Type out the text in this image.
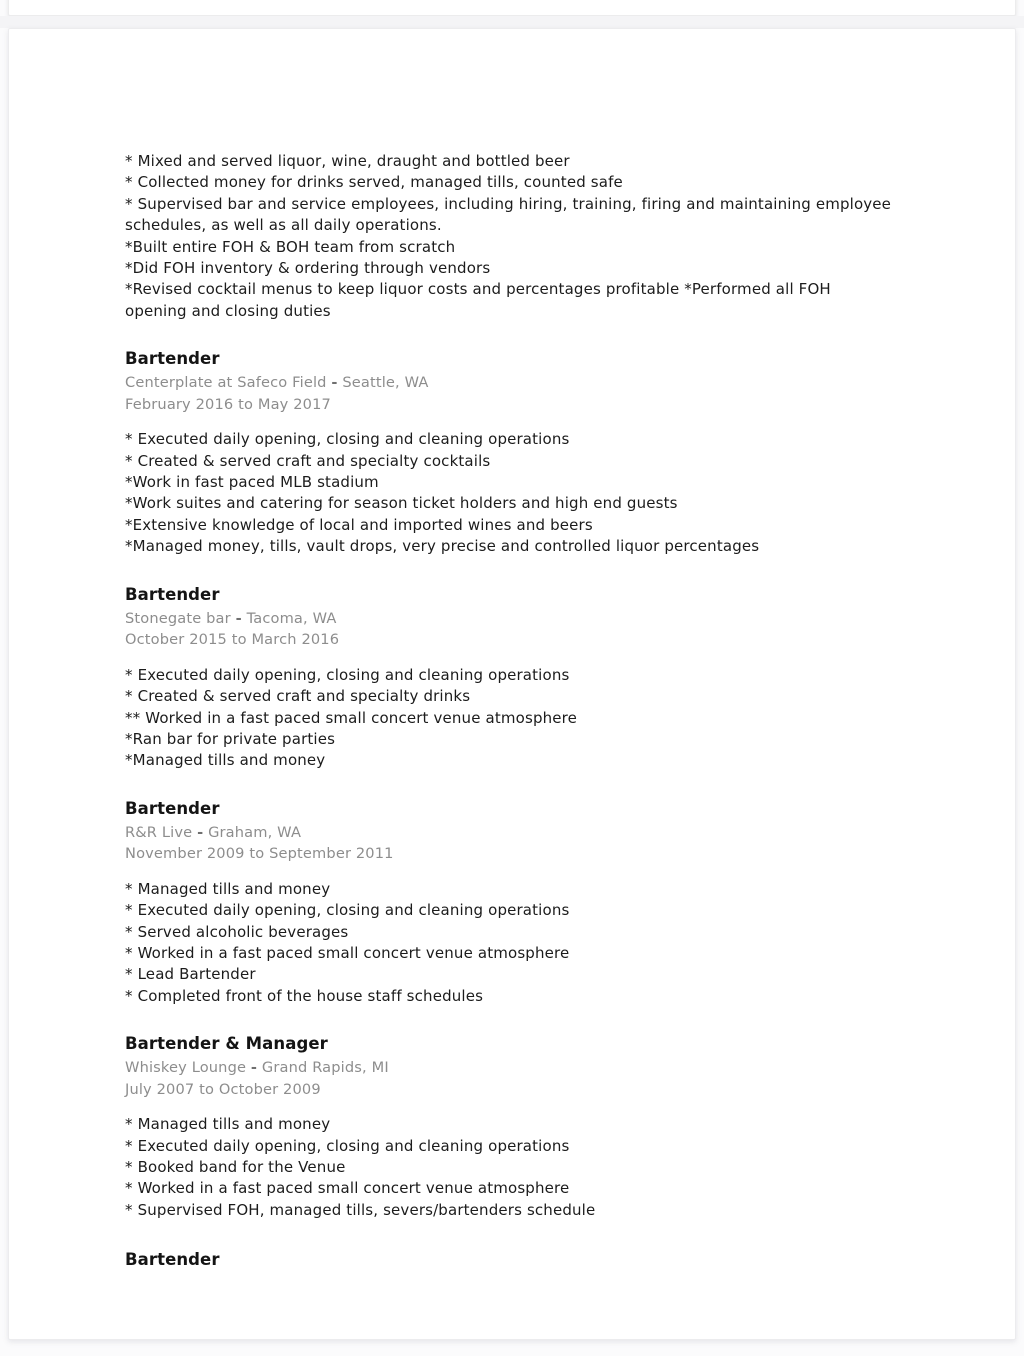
* Mixed and served liquor, wine, draught and bottled beer

* Collected money for drinks served, managed tills, counted safe

* Supervised bar and service employees, including hiring, training, firing and maintaining employee schedules, as well as all daily operations.

*Built entire FOH & BOH team from scratch

*Did FOH inventory & ordering through vendors

*Revised cocktail menus to keep liquor costs and percentages profitable *Performed all FOH opening and closing duties

Bartender
Centerplate at Safeco Field - Seattle, WA
February 2016 to May 2017

* Executed daily opening, closing and cleaning operations

* Created & served craft and specialty cocktails

*Work in fast paced MLB stadium

*Work suites and catering for season ticket holders and high end guests

*Extensive knowledge of local and imported wines and beers

*Managed money, tills, vault drops, very precise and controlled liquor percentages

Bartender
Stonegate bar - Tacoma, WA
October 2015 to March 2016

* Executed daily opening, closing and cleaning operations

* Created & served craft and specialty drinks

** Worked in a fast paced small concert venue atmosphere

*Ran bar for private parties

*Managed tills and money

Bartender
R&R Live - Graham, WA
November 2009 to September 2011

* Managed tills and money

* Executed daily opening, closing and cleaning operations

* Served alcoholic beverages

* Worked in a fast paced small concert venue atmosphere

* Lead Bartender

* Completed front of the house staff schedules

Bartender & Manager
Whiskey Lounge - Grand Rapids, MI
July 2007 to October 2009

* Managed tills and money

* Executed daily opening, closing and cleaning operations

* Booked band for the Venue

* Worked in a fast paced small concert venue atmosphere

* Supervised FOH, managed tills, severs/bartenders schedule

Bartender
